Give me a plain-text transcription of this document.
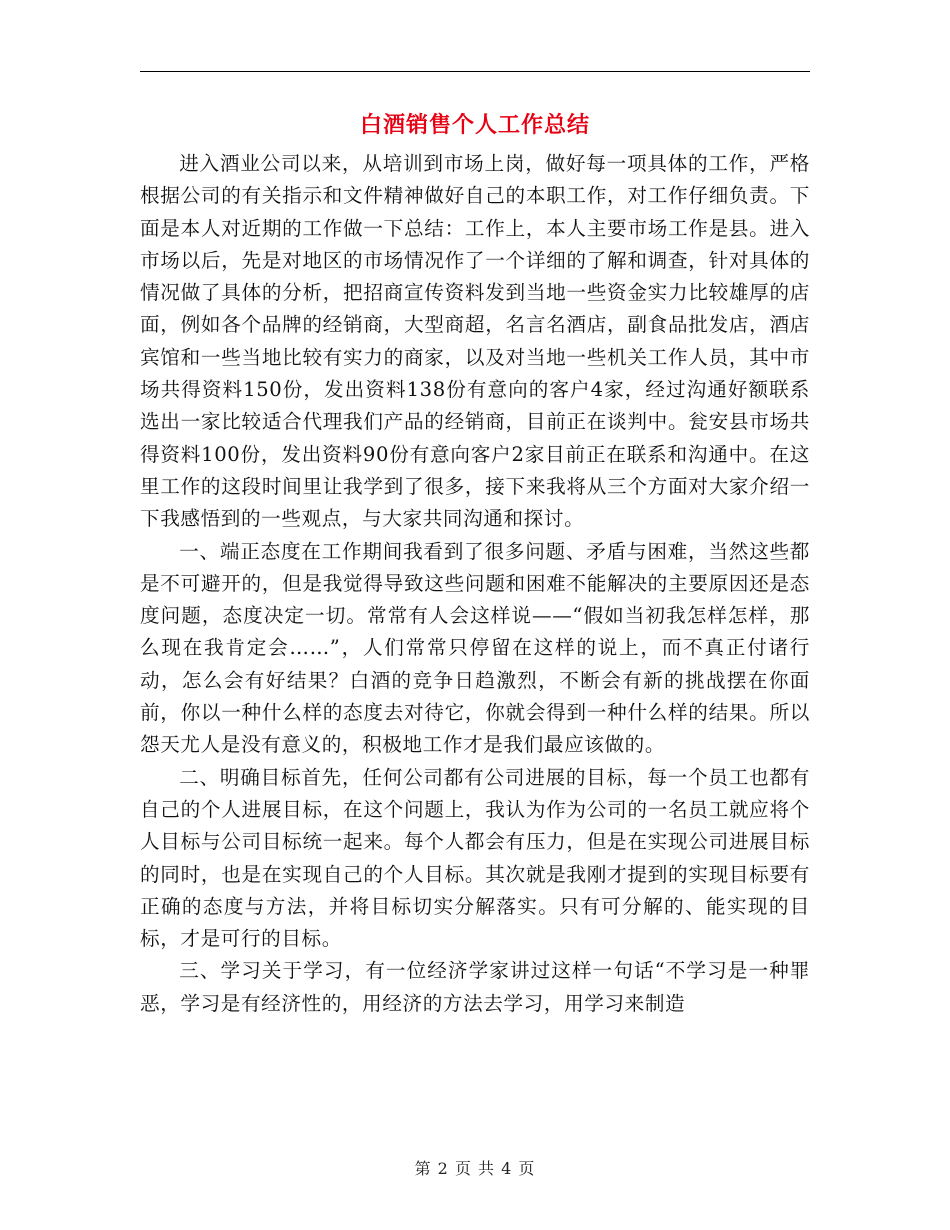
白酒销售个人工作总结

进入酒业公司以来，从培训到市场上岗，做好每一项具体的工作，严格根据公司的有关指示和文件精神做好自己的本职工作，对工作仔细负责。下面是本人对近期的工作做一下总结：工作上，本人主要市场工作是县。进入市场以后，先是对地区的市场情况作了一个详细的了解和调查，针对具体的情况做了具体的分析，把招商宣传资料发到当地一些资金实力比较雄厚的店面，例如各个品牌的经销商，大型商超，名言名酒店，副食品批发店，酒店宾馆和一些当地比较有实力的商家，以及对当地一些机关工作人员，其中市场共得资料150份，发出资料138份有意向的客户4家，经过沟通好额联系选出一家比较适合代理我们产品的经销商，目前正在谈判中。瓮安县市场共得资料100份，发出资料90份有意向客户2家目前正在联系和沟通中。在这里工作的这段时间里让我学到了很多，接下来我将从三个方面对大家介绍一下我感悟到的一些观点，与大家共同沟通和探讨。

一、端正态度在工作期间我看到了很多问题、矛盾与困难，当然这些都是不可避开的，但是我觉得导致这些问题和困难不能解决的主要原因还是态度问题，态度决定一切。常常有人会这样说——“假如当初我怎样怎样，那么现在我肯定会……”，人们常常只停留在这样的说上，而不真正付诸行动，怎么会有好结果？白酒的竞争日趋激烈，不断会有新的挑战摆在你面前，你以一种什么样的态度去对待它，你就会得到一种什么样的结果。所以怨天尤人是没有意义的，积极地工作才是我们最应该做的。

二、明确目标首先，任何公司都有公司进展的目标，每一个员工也都有自己的个人进展目标，在这个问题上，我认为作为公司的一名员工就应将个人目标与公司目标统一起来。每个人都会有压力，但是在实现公司进展目标的同时，也是在实现自己的个人目标。其次就是我刚才提到的实现目标要有正确的态度与方法，并将目标切实分解落实。只有可分解的、能实现的目标，才是可行的目标。

三、学习关于学习，有一位经济学家讲过这样一句话“不学习是一种罪恶，学习是有经济性的，用经济的方法去学习，用学习来制造

第 2 页 共 4 页
